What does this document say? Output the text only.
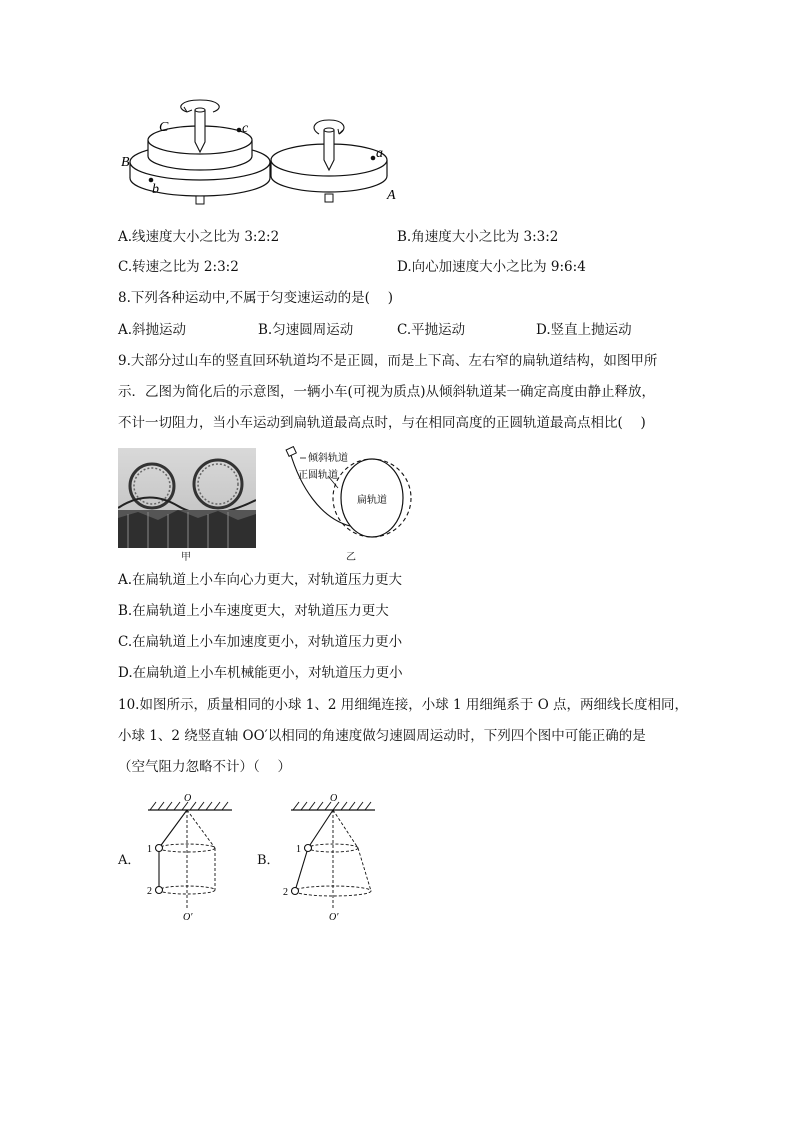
C	c
B
b
a
A
A.线速度大小之比为 3:2:2	B.角速度大小之比为 3:3:2
C.转速之比为 2:3:2	D.向心加速度大小之比为 9:6:4
8.下列各种运动中,不属于匀变速运动的是(　 )
A.斜抛运动	B.匀速圆周运动	C.平抛运动	D.竖直上抛运动
9.大部分过山车的竖直回环轨道均不是正圆，而是上下高、左右窄的扁轨道结构，如图甲所
示．乙图为简化后的示意图，一辆小车(可视为质点)从倾斜轨道某一确定高度由静止释放，
不计一切阻力，当小车运动到扁轨道最高点时，与在相同高度的正圆轨道最高点相比(　 )
甲
倾斜轨道
正圆轨道
扁轨道
乙
A.在扁轨道上小车向心力更大，对轨道压力更大
B.在扁轨道上小车速度更大，对轨道压力更大
C.在扁轨道上小车加速度更小，对轨道压力更小
D.在扁轨道上小车机械能更小，对轨道压力更小
10.如图所示，质量相同的小球 1、2 用细绳连接，小球 1 用细绳系于 O 点，两细线长度相同，
小球 1、2 绕竖直轴 OO′以相同的角速度做匀速圆周运动时，下列四个图中可能正确的是
（空气阻力忽略不计）（　 ）
A．
O
O′
1
2
B．
O
O′
1
2
